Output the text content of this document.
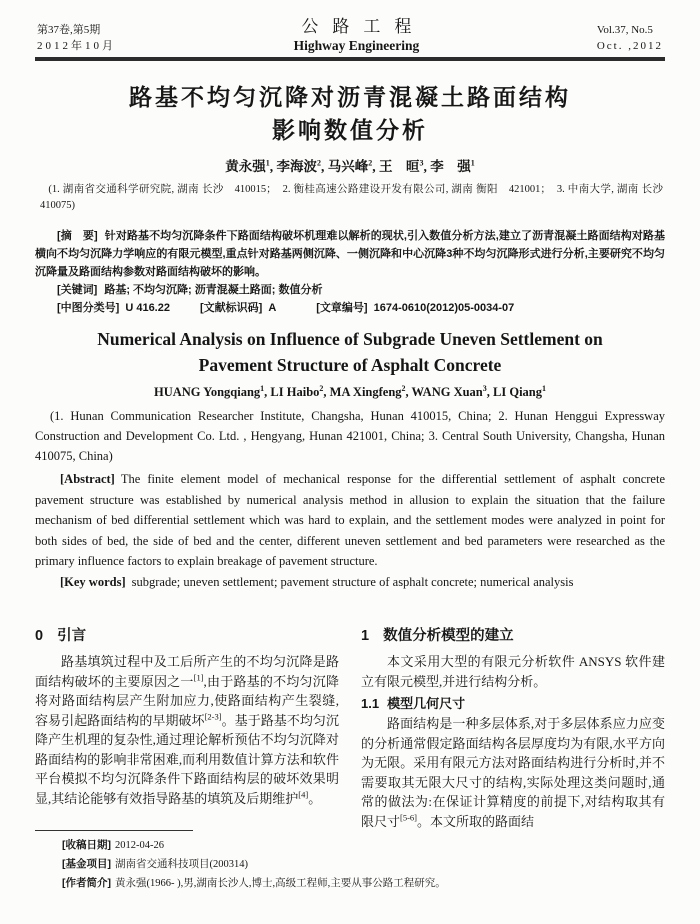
第37卷,第5期
2012年10月
公路工程
Highway Engineering
Vol.37, No.5
Oct. ,2012
路基不均匀沉降对沥青混凝土路面结构
影响数值分析

黄永强$^1$, 李海波$^2$, 马兴峰$^2$, 王　晅$^3$, 李　强$^1$

(1. 湖南省交通科学研究院, 湖南 长沙　410015；　2. 衡桂高速公路建设开发有限公司, 湖南 衡阳　421001；　3. 中南大学, 湖南 长沙　410075)

[摘　要] 针对路基不均匀沉降条件下路面结构破坏机理难以解析的现状,引入数值分析方法,建立了沥青混凝土路面结构对路基横向不均匀沉降力学响应的有限元模型,重点针对路基两侧沉降、一侧沉降和中心沉降3种不均匀沉降形式进行分析,主要研究不均匀沉降量及路面结构参数对路面结构破坏的影响。

[关键词] 路基; 不均匀沉降; 沥青混凝土路面; 数值分析

[中图分类号] U 416.22	[文献标识码] A	[文章编号] 1674-0610(2012)05-0034-07

Numerical Analysis on Influence of Subgrade Uneven Settlement on
Pavement Structure of Asphalt Concrete

HUANG Yongqiang$^1$, LI Haibo$^2$, MA Xingfeng$^2$, WANG Xuan$^3$, LI Qiang$^1$

(1. Hunan Communication Researcher Institute, Changsha, Hunan 410015, China; 2. Hunan Henggui Expressway Construction and Development Co. Ltd. , Hengyang, Hunan 421001, China; 3. Central South University, Changsha, Hunan 410075, China)

[Abstract] The finite element model of mechanical response for the differential settlement of asphalt concrete pavement structure was established by numerical analysis method in allusion to explain the situation that the failure mechanism of bed differential settlement which was hard to explain, and the settlement modes were analyzed in point for both sides of bed, the side of bed and the center, different uneven settlement and bed parameters were researched as the primary influence factors to explain breakage of pavement structure.

[Key words] subgrade; uneven settlement; pavement structure of asphalt concrete; numerical analysis

0 引言

路基填筑过程中及工后所产生的不均匀沉降是路面结构破坏的主要原因之一[1],由于路基的不均匀沉降将对路面结构层产生附加应力,使路面结构产生裂缝,容易引起路面结构的早期破坏[2-3]。基于路基不均匀沉降产生机理的复杂性,通过理论解析预估不均匀沉降对路面结构的影响非常困难,而利用数值计算方法和软件平台模拟不均匀沉降条件下路面结构层的破坏效果明显,其结论能够有效指导路基的填筑及后期维护[4]。

1 数值分析模型的建立

本文采用大型的有限元分析软件 ANSYS 软件建立有限元模型,并进行结构分析。

1.1 模型几何尺寸

路面结构是一种多层体系,对于多层体系应力应变的分析通常假定路面结构各层厚度均为有限,水平方向为无限。采用有限元方法对路面结构进行分析时,并不需要取其无限大尺寸的结构,实际处理这类问题时,通常的做法为:在保证计算精度的前提下,对结构取其有限尺寸[5-6]。本文所取的路面结

[收稿日期] 2012-04-26

[基金项目] 湖南省交通科技项目(200314)

[作者简介] 黄永强(1966- ),男,湖南长沙人,博士,高级工程师,主要从事公路工程研究。
